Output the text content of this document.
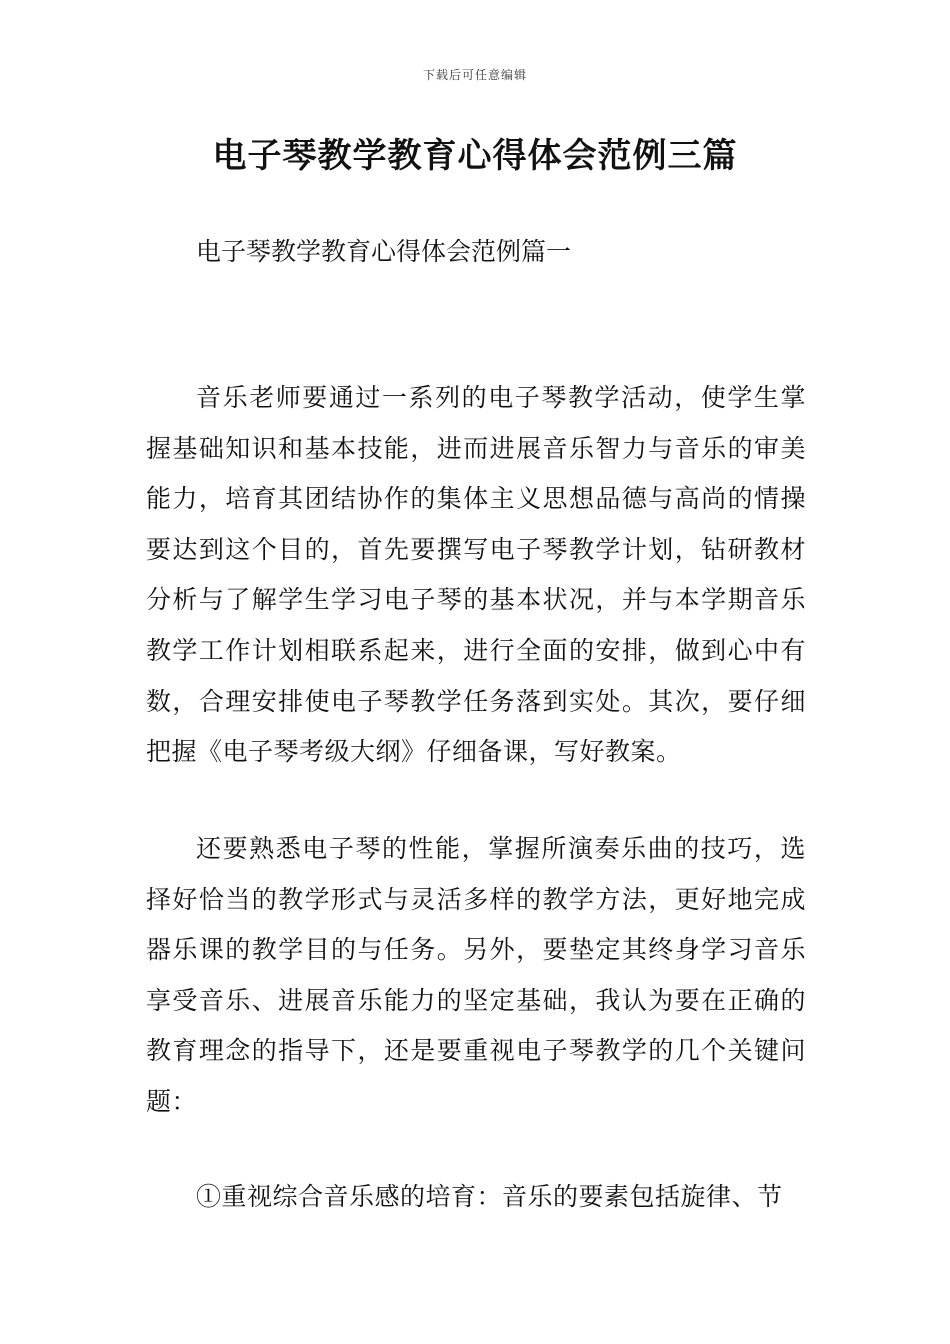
下载后可任意编辑
电子琴教学教育心得体会范例三篇
电子琴教学教育心得体会范例篇一

音乐老师要通过一系列的电子琴教学活动，使学生掌握基础知识和基本技能，进而进展音乐智力与音乐的审美能力，培育其团结协作的集体主义思想品德与高尚的情操要达到这个目的，首先要撰写电子琴教学计划，钻研教材分析与了解学生学习电子琴的基本状况，并与本学期音乐教学工作计划相联系起来，进行全面的安排，做到心中有数，合理安排使电子琴教学任务落到实处。其次，要仔细把握《电子琴考级大纲》仔细备课，写好教案。

还要熟悉电子琴的性能，掌握所演奏乐曲的技巧，选择好恰当的教学形式与灵活多样的教学方法，更好地完成器乐课的教学目的与任务。另外，要垫定其终身学习音乐享受音乐、进展音乐能力的坚定基础，我认为要在正确的教育理念的指导下，还是要重视电子琴教学的几个关键问题：

①重视综合音乐感的培育：音乐的要素包括旋律、节
